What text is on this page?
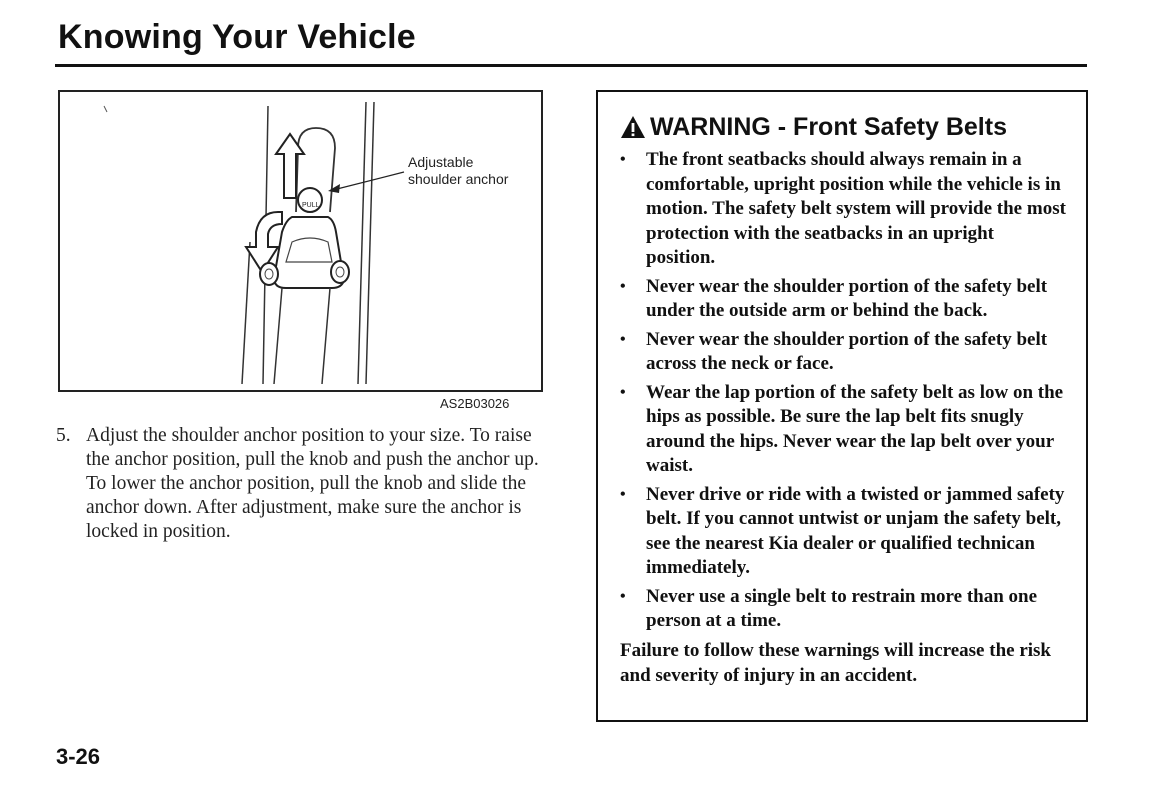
Knowing Your Vehicle
PULL
Adjustable
shoulder anchor
AS2B03026
5. Adjust the shoulder anchor position to your size. To raise the anchor position, pull the knob and push the anchor up. To lower the anchor position, pull the knob and slide the anchor down. After adjustment, make sure the anchor is locked in position.
WARNING - Front Safety Belts
•	The front seatbacks should always remain in a comfortable, upright position while the vehicle is in motion. The safety belt system will provide the most protection with the seatbacks in an upright position.
•	Never wear the shoulder portion of the safety belt under the outside arm or behind the back.
•	Never wear the shoulder portion of the safety belt across the neck or face.
•	Wear the lap portion of the safety belt as low on the hips as possible. Be sure the lap belt fits snugly around the hips. Never wear the lap belt over your waist.
•	Never drive or ride with a twisted or jammed safety belt. If you cannot untwist or unjam the safety belt, see the nearest Kia dealer or qualified technican immediately.
•	Never use a single belt to restrain more than one person at a time.
Failure to follow these warnings will increase the risk and severity of injury in an accident.
3-26
